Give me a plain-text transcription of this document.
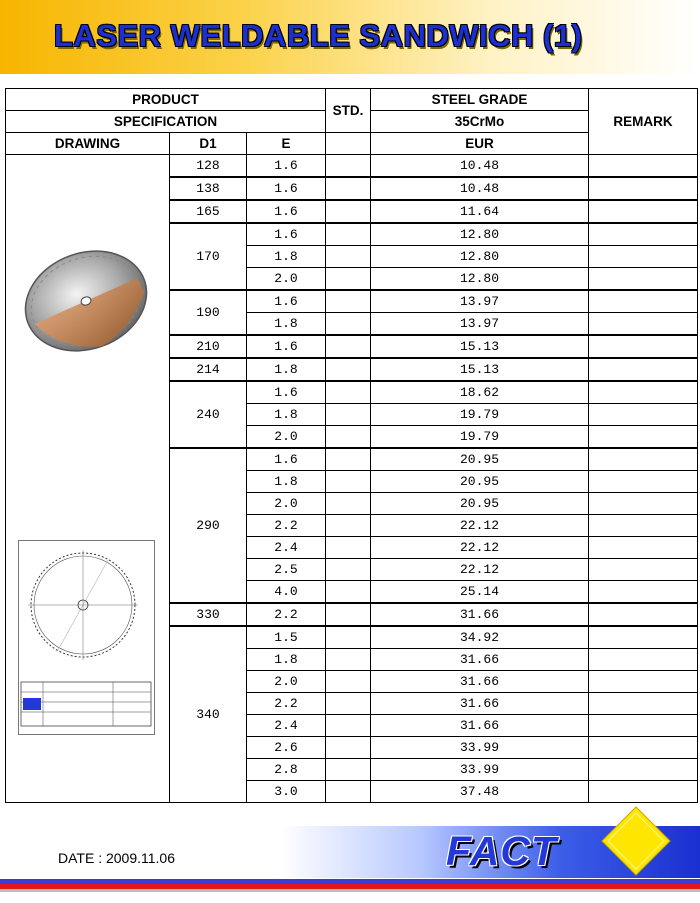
LASER WELDABLE SANDWICH (1)
PRODUCT			STD.	STEEL GRADE	REMARK
SPECIFICATION				35CrMo	
DRAWING	D1	E		EUR	

	128	1.6		10.48	
	138	1.6		10.48	
	165	1.6		11.64	
	170	1.6		12.80	
		1.8		12.80	
		2.0		12.80	
	190	1.6		13.97	
		1.8		13.97	
	210	1.6		15.13	
	214	1.8		15.13	
	240	1.6		18.62	
		1.8		19.79	
		2.0		19.79	
	290	1.6		20.95	
		1.8		20.95	
		2.0		20.95	
		2.2		22.12	
		2.4		22.12	
		2.5		22.12	
		4.0		25.14	
	330	2.2		31.66	
	340	1.5		34.92	
		1.8		31.66	
		2.0		31.66	
		2.2		31.66	
		2.4		31.66	
		2.6		33.99	
		2.8		33.99	
		3.0		37.48	
DATE : 2009.11.06	FACT
